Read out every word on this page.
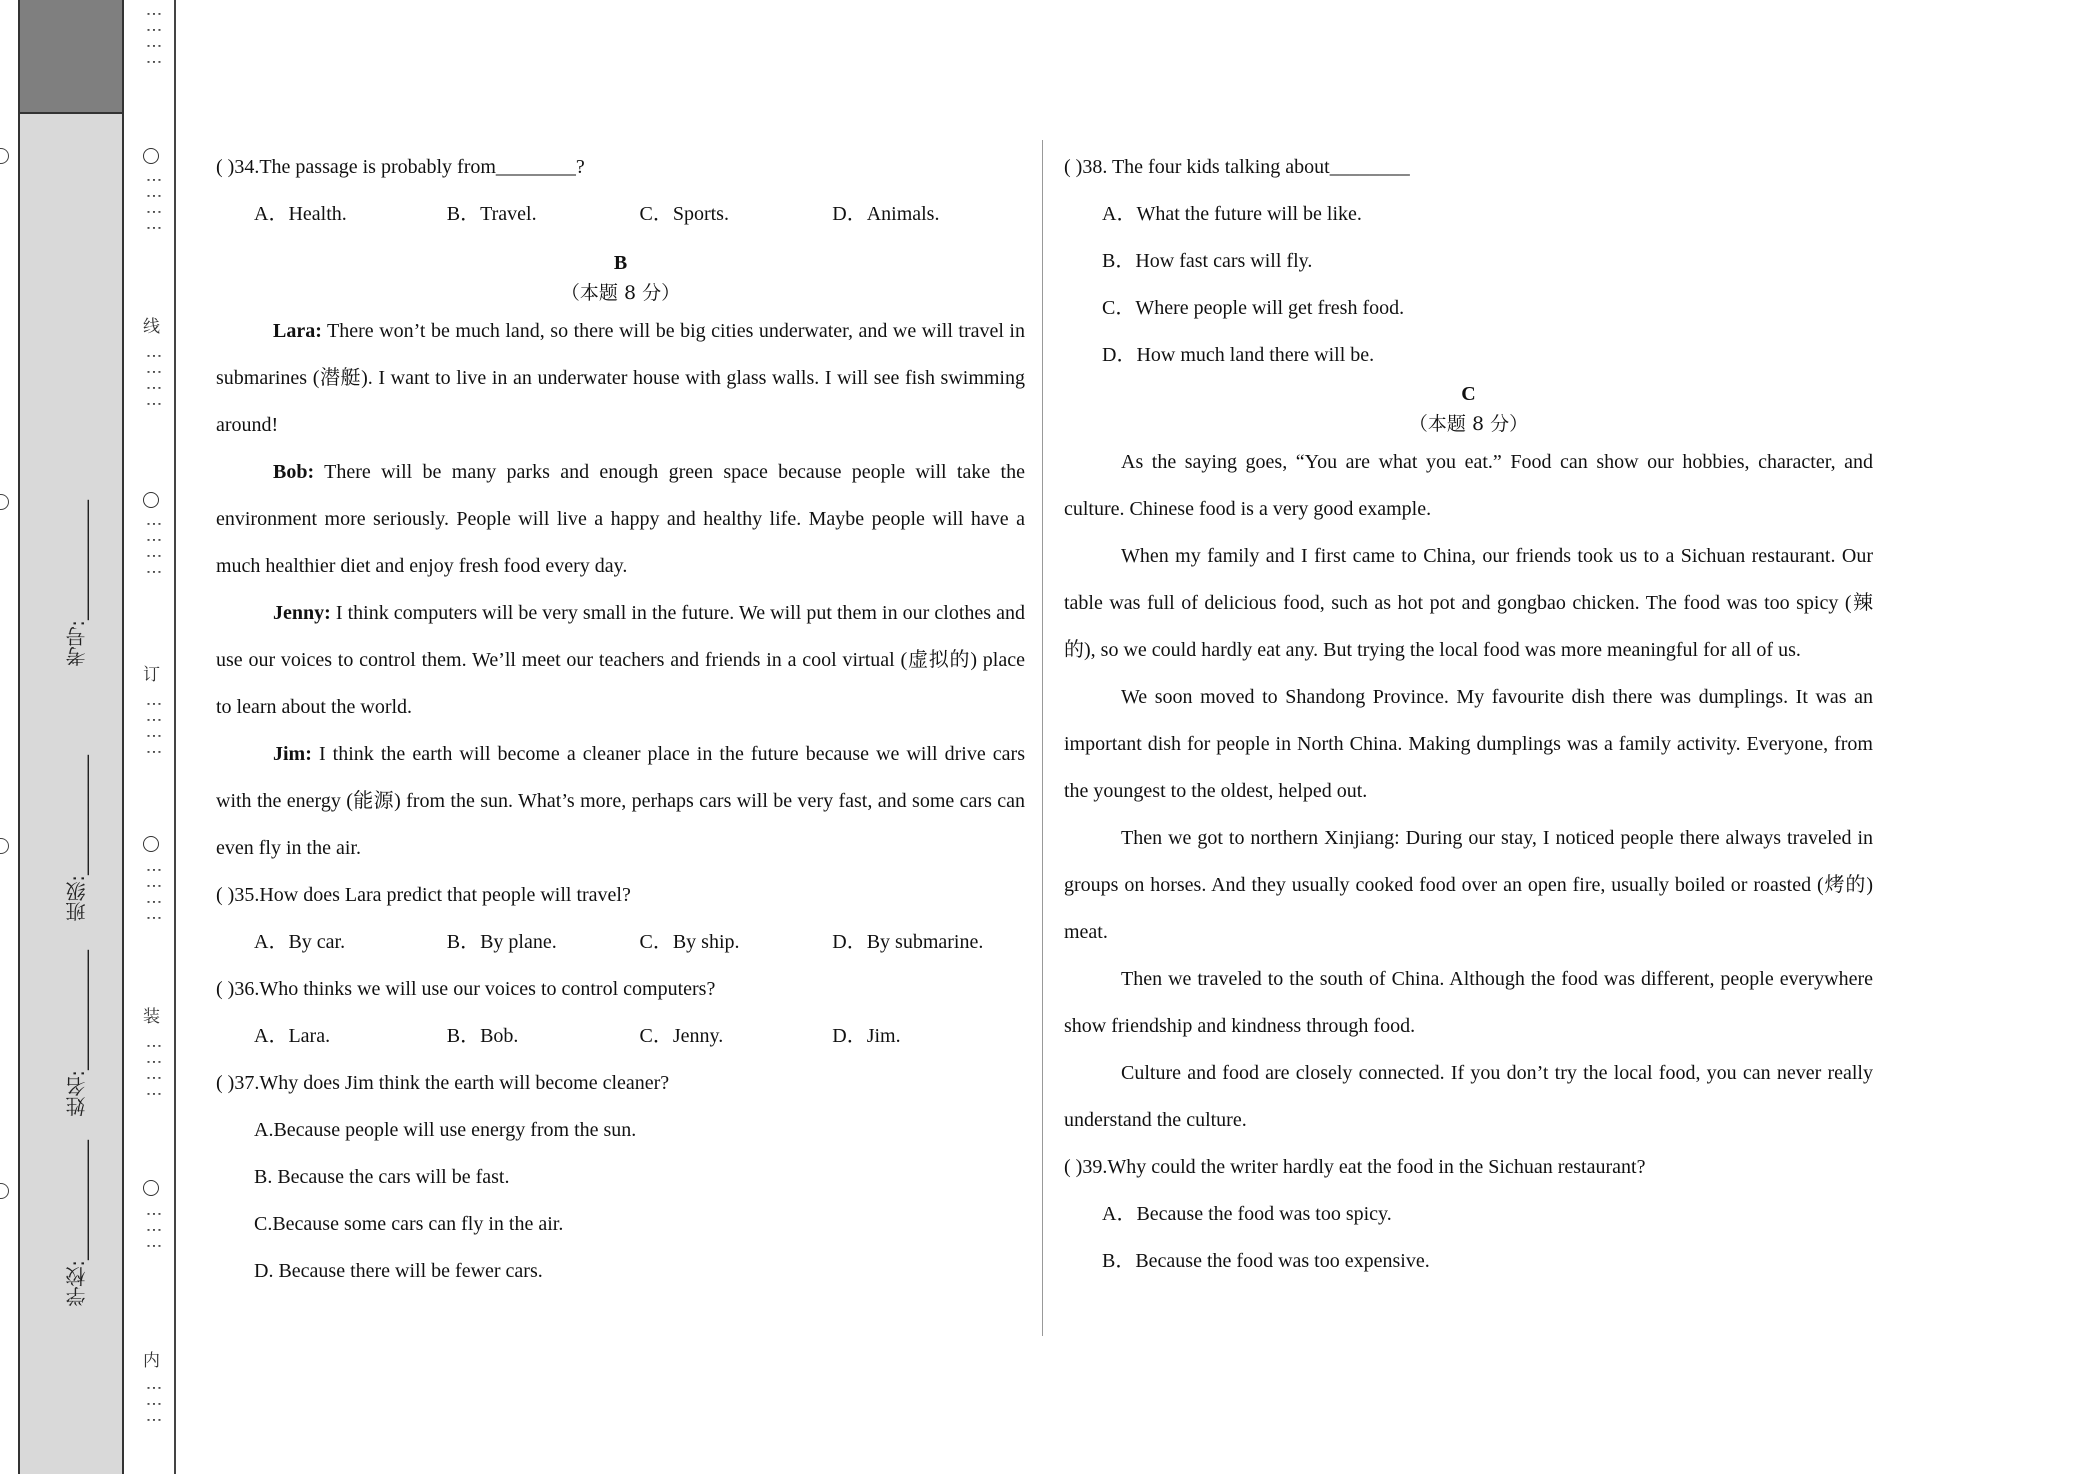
学校:____________
姓名:____________
班级:____________
考号:____________
⋮⋮⋮⋮
⋮⋮⋮⋮
线
⋮⋮⋮⋮
⋮⋮⋮⋮
订
⋮⋮⋮⋮
⋮⋮⋮⋮
装
⋮⋮⋮⋮
⋮⋮⋮
内
⋮⋮⋮

( )34.The passage is probably from________?

A．Health.	B．Travel.	C．Sports.	D．Animals.

B

（本题 8 分）

Lara: There won’t be much land, so there will be big cities underwater, and we will travel in submarines (潜艇). I want to live in an underwater house with glass walls. I will see fish swimming around!

Bob: There will be many parks and enough green space because people will take the environment more seriously. People will live a happy and healthy life. Maybe people will have a much healthier diet and enjoy fresh food every day.

Jenny: I think computers will be very small in the future. We will put them in our clothes and use our voices to control them. We’ll meet our teachers and friends in a cool virtual (虚拟的) place to learn about the world.

Jim: I think the earth will become a cleaner place in the future because we will drive cars with the energy (能源) from the sun. What’s more, perhaps cars will be very fast, and some cars can even fly in the air.

( )35.How does Lara predict that people will travel?

A．By car.	B．By plane.	C．By ship.	D．By submarine.

( )36.Who thinks we will use our voices to control computers?

A．Lara.	B．Bob.	C．Jenny.	D．Jim.

( )37.Why does Jim think the earth will become cleaner?

A.Because people will use energy from the sun.

B. Because the cars will be fast.

C.Because some cars can fly in the air.

D. Because there will be fewer cars.

( )38. The four kids talking about________

A．What the future will be like.

B．How fast cars will fly.

C．Where people will get fresh food.

D．How much land there will be.

C

（本题 8 分）

As the saying goes, “You are what you eat.” Food can show our hobbies, character, and culture. Chinese food is a very good example.

When my family and I first came to China, our friends took us to a Sichuan restaurant. Our table was full of delicious food, such as hot pot and gongbao chicken. The food was too spicy (辣的), so we could hardly eat any. But trying the local food was more meaningful for all of us.

We soon moved to Shandong Province. My favourite dish there was dumplings. It was an important dish for people in North China. Making dumplings was a family activity. Everyone, from the youngest to the oldest, helped out.

Then we got to northern Xinjiang: During our stay, I noticed people there always traveled in groups on horses. And they usually cooked food over an open fire, usually boiled or roasted (烤的) meat.

Then we traveled to the south of China. Although the food was different, people everywhere show friendship and kindness through food.

Culture and food are closely connected. If you don’t try the local food, you can never really understand the culture.

( )39.Why could the writer hardly eat the food in the Sichuan restaurant?

A．Because the food was too spicy.

B．Because the food was too expensive.
